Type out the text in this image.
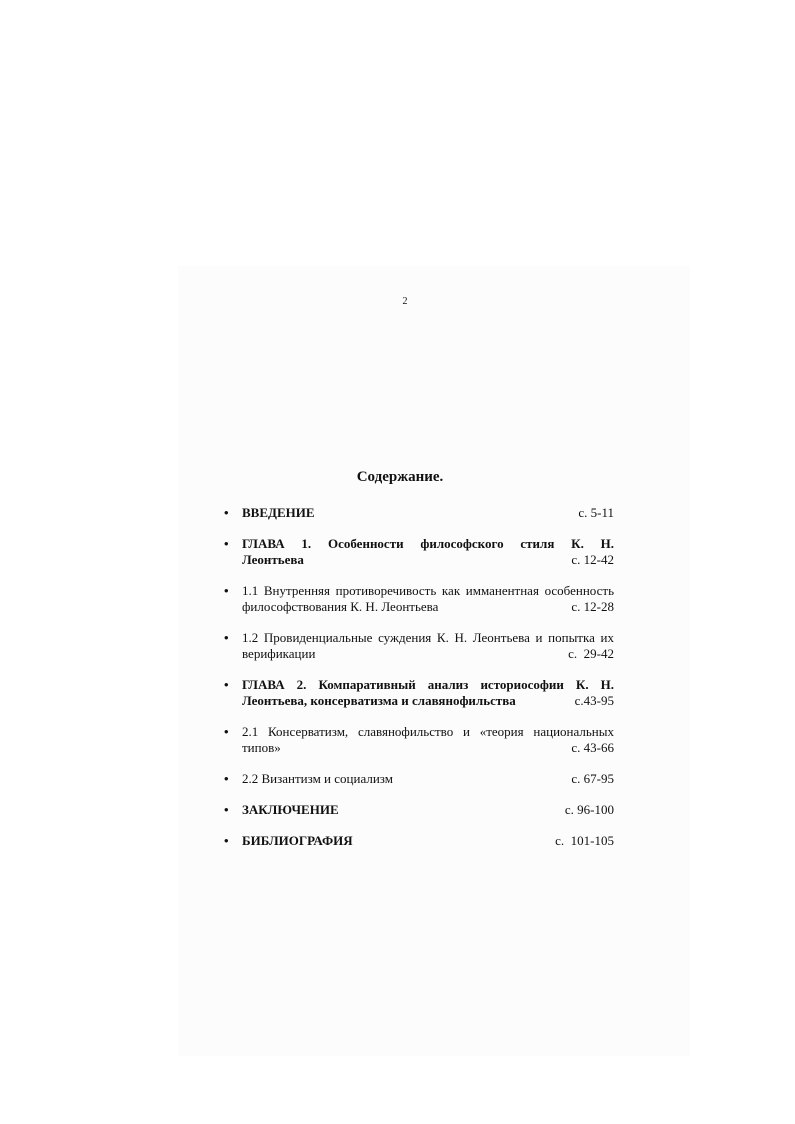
2
Содержание.
• ВВЕДЕНИЕ	с. 5-11
• ГЛАВА 1. Особенности философского стиля К. Н.
Леонтьева	с. 12-42
• 1.1 Внутренняя противоречивость как имманентная особенность
философствования К. Н. Леонтьева	с. 12-28
• 1.2 Провиденциальные суждения К. Н. Леонтьева и попытка их
верификации	с.  29-42
• ГЛАВА 2. Компаративный анализ историософии К. Н.
Леонтьева, консерватизма и славянофильства	с.43-95
• 2.1 Консерватизм, славянофильство и «теория национальных
типов»	с. 43-66
• 2.2 Византизм и социализм	с. 67-95
• ЗАКЛЮЧЕНИЕ	с. 96-100
• БИБЛИОГРАФИЯ	с.  101-105
